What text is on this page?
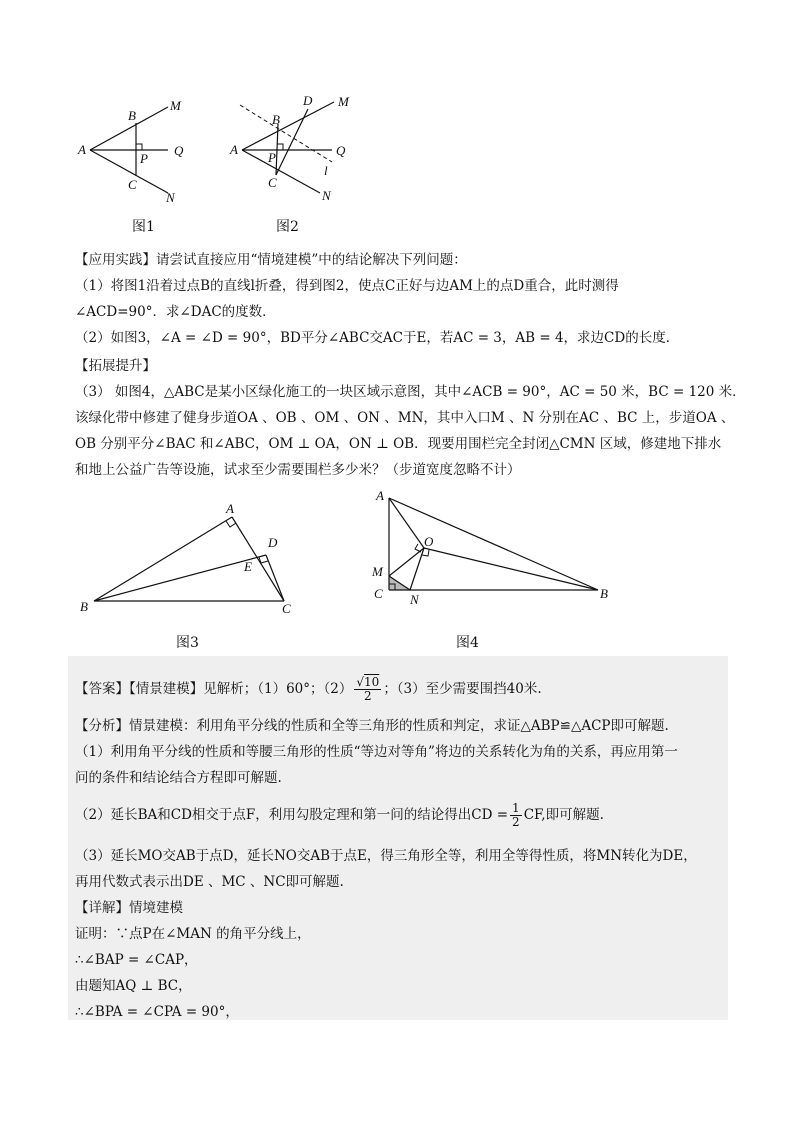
A
B
C
P
Q
M
N
图1
A
B
C
D
P	Q
M
N
l
图2
【应用实践】请尝试直接应用“情境建模”中的结论解决下列问题：
（1）将图1沿着过点B的直线l折叠，得到图2，使点C正好与边AM上的点D重合，此时测得
∠ACD=90°．求∠DAC的度数．
（2）如图3，∠A = ∠D = 90°，BD平分∠ABC交AC于E，若AC = 3，AB = 4，求边CD的长度．
【拓展提升】
（3） 如图4，△ABC是某小区绿化施工的一块区域示意图，其中∠ACB = 90°，AC = 50 米，BC = 120 米．
该绿化带中修建了健身步道OA 、OB 、OM 、ON 、MN，其中入口M 、N 分别在AC 、BC 上，步道OA 、
OB 分别平分∠BAC 和∠ABC，OM ⊥ OA，ON ⊥ OB．现要用围栏完全封闭△CMN 区域，修建地下排水
和地上公益广告等设施，试求至少需要围栏多少米？（步道宽度忽略不计）
A
B	C
D
E
图3
A
B
C
M
N
O
图4
【答案】【情景建模】见解析；（1）60°；$(2) \frac{√10}{2}$ ；（3）至少需要围挡40米.
【分析】情景建模：利用角平分线的性质和全等三角形的性质和判定，求证△ABP≌△ACP即可解题.
（1）利用角平分线的性质和等腰三角形的性质“等边对等角”将边的关系转化为角的关系，再应用第一
问的条件和结论结合方程即可解题.
（2）延长BA和CD相交于点F，利用勾股定理和第一问的结论得出CD = $\frac{1}{2}$ CF,即可解题.
（3）延长MO交AB于点D，延长NO交AB于点E，得三角形全等，利用全等得性质，将MN转化为DE，
再用代数式表示出DE 、MC 、NC即可解题.
【详解】情境建模
证明：∵点P在∠MAN 的角平分线上，
∴∠BAP = ∠CAP，
由题知AQ ⊥ BC，
∴∠BPA = ∠CPA = 90°，
